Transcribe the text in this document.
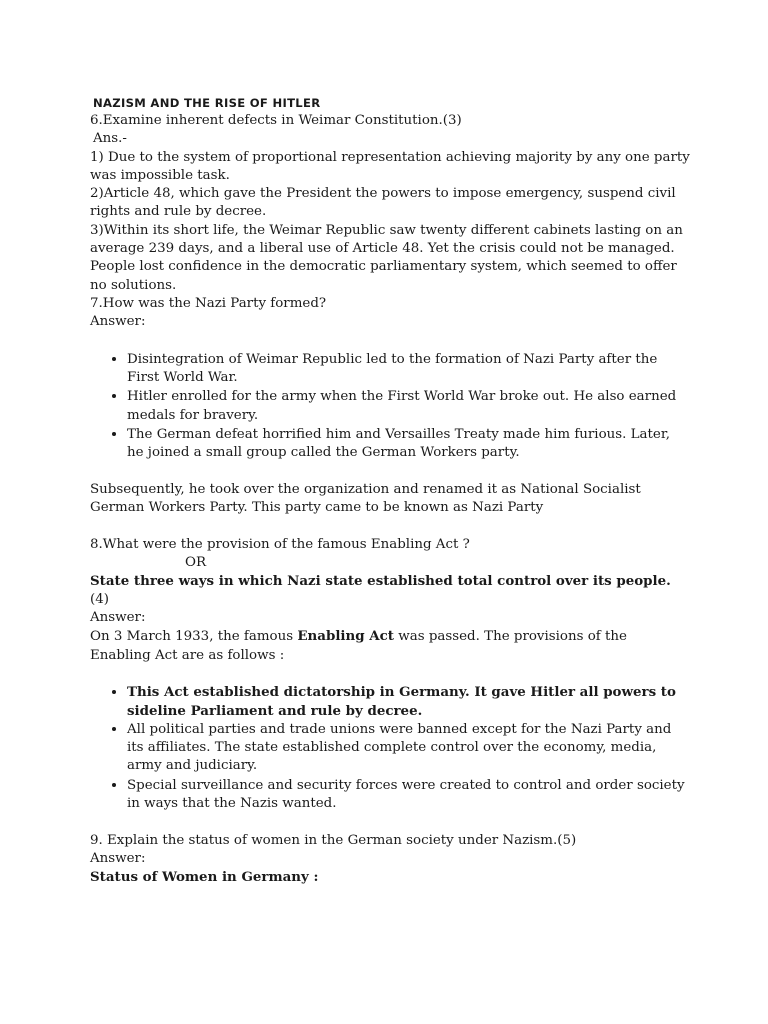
NAZISM AND THE RISE OF HITLER

6.Examine inherent defects in Weimar Constitution.(3)

Ans.-

1) Due to the system of proportional representation achieving majority by any one party was impossible task.

2)Article 48, which gave the President the powers to impose emergency, suspend civil rights and rule by decree.

3)Within its short life, the Weimar Republic saw twenty different cabinets lasting on an average 239 days, and a liberal use of Article 48. Yet the crisis could not be managed. People lost confidence in the democratic parliamentary system, which seemed to offer no solutions.

7.How was the Nazi Party formed?

Answer:

• Disintegration of Weimar Republic led to the formation of Nazi Party after the First World War.
• Hitler enrolled for the army when the First World War broke out. He also earned medals for bravery.
• The German defeat horrified him and Versailles Treaty made him furious. Later, he joined a small group called the German Workers party.

Subsequently, he took over the organization and renamed it as National Socialist German Workers Party. This party came to be known as Nazi Party

8.What were the provision of the famous Enabling Act ?

OR

State three ways in which Nazi state established total control over its people.

(4)

Answer:

On 3 March 1933, the famous Enabling Act was passed. The provisions of the Enabling Act are as follows :

• This Act established dictatorship in Germany. It gave Hitler all powers to sideline Parliament and rule by decree.
• All political parties and trade unions were banned except for the Nazi Party and its affiliates. The state established complete control over the economy, media, army and judiciary.
• Special surveillance and security forces were created to control and order society in ways that the Nazis wanted.

9. Explain the status of women in the German society under Nazism.(5)

Answer:

Status of Women in Germany :
